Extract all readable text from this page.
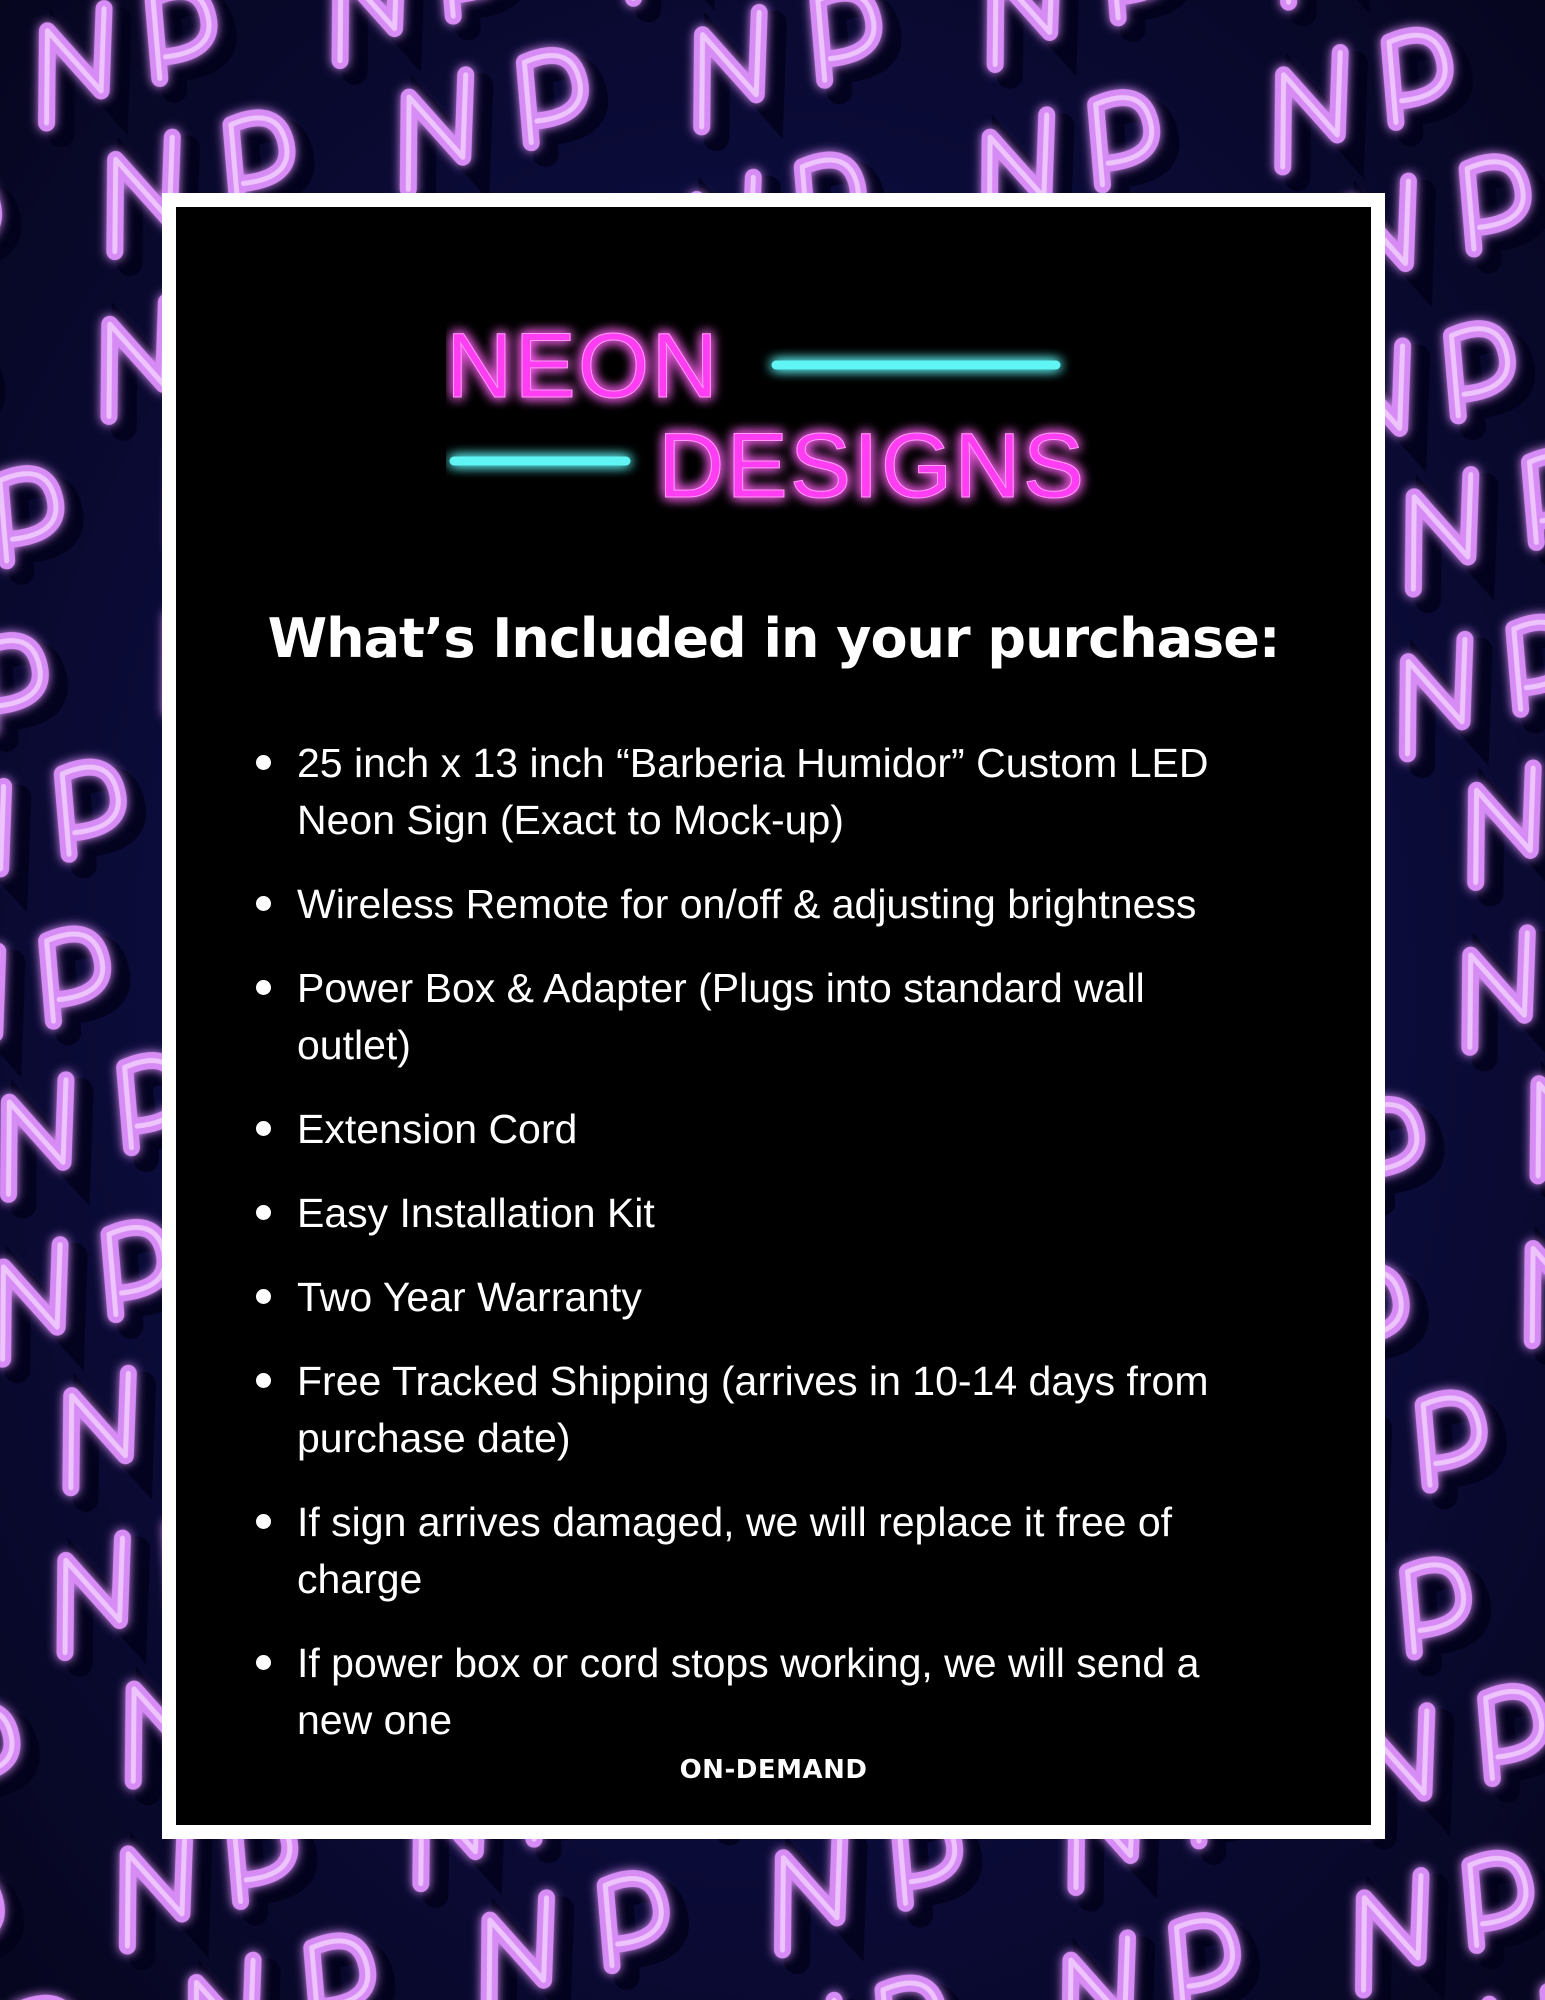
NEON
DESIGNS
What’s Included in your purchase:
25 inch x 13 inch “Barberia Humidor” Custom LED
Neon Sign (Exact to Mock-up)
Wireless Remote for on/off & adjusting brightness
Power Box & Adapter (Plugs into standard wall
outlet)
Extension Cord
Easy Installation Kit
Two Year Warranty
Free Tracked Shipping (arrives in 10-14 days from
purchase date)
If sign arrives damaged, we will replace it free of
charge
If power box or cord stops working, we will send a
new one
ON-DEMAND
